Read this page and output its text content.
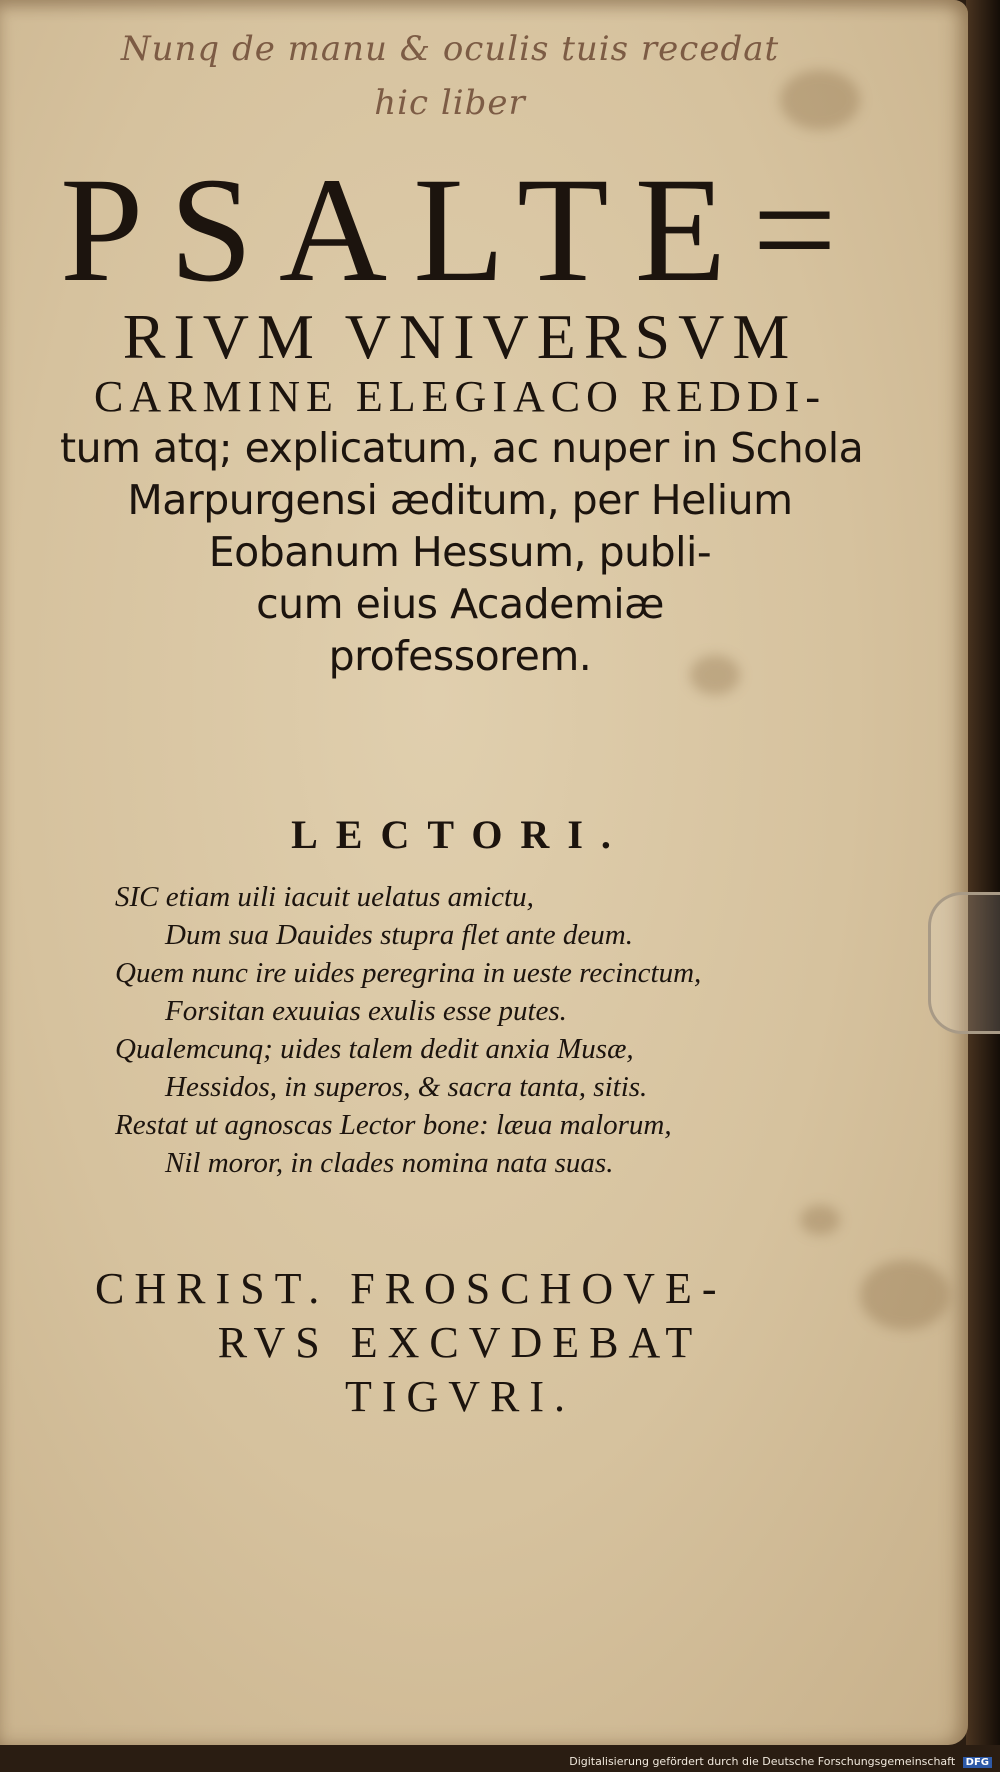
Nunq de manu & oculis tuis recedat
hic liber
PSALTE=
RIVM VNIVERSVM
CARMINE ELEGIACO REDDI-
tum atq; explicatum, ac nuper in Schola
Marpurgensi æditum, per Helium
Eobanum Hessum, publi-
cum eius Academiæ
professorem.
LECTORI.
SIC etiam uili iacuit uelatus amictu,
Dum sua Dauides stupra flet ante deum.
Quem nunc ire uides peregrina in ueste recinctum,
Forsitan exuuias exulis esse putes.
Qualemcunq; uides talem dedit anxia Musæ,
Hessidos, in superos, & sacra tanta, sitis.
Restat ut agnoscas Lector bone: læua malorum,
Nil moror, in clades nomina nata suas.
CHRIST. FROSCHOVE-
RVS EXCVDEBAT
TIGVRI.
Digitalisierung gefördert durch die Deutsche Forschungsgemeinschaft DFG
